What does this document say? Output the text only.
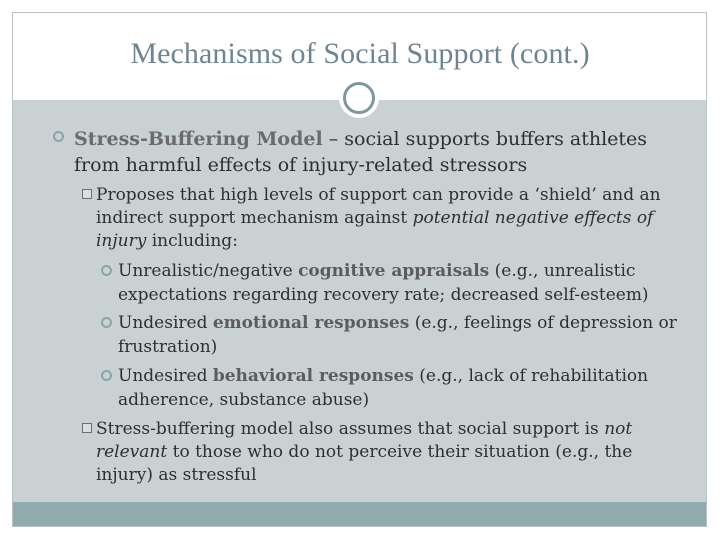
Mechanisms of Social Support (cont.)
Stress-Buffering Model – social supports buffers athletes from harmful effects of injury-related stressors
Proposes that high levels of support can provide a ‘shield’ and an indirect support mechanism against potential negative effects of injury including:
Unrealistic/negative cognitive appraisals (e.g., unrealistic expectations regarding recovery rate; decreased self-esteem)
Undesired emotional responses (e.g., feelings of depression or frustration)
Undesired behavioral responses (e.g., lack of rehabilitation adherence, substance abuse)
Stress-buffering model also assumes that social support is not relevant to those who do not perceive their situation (e.g., the injury) as stressful
